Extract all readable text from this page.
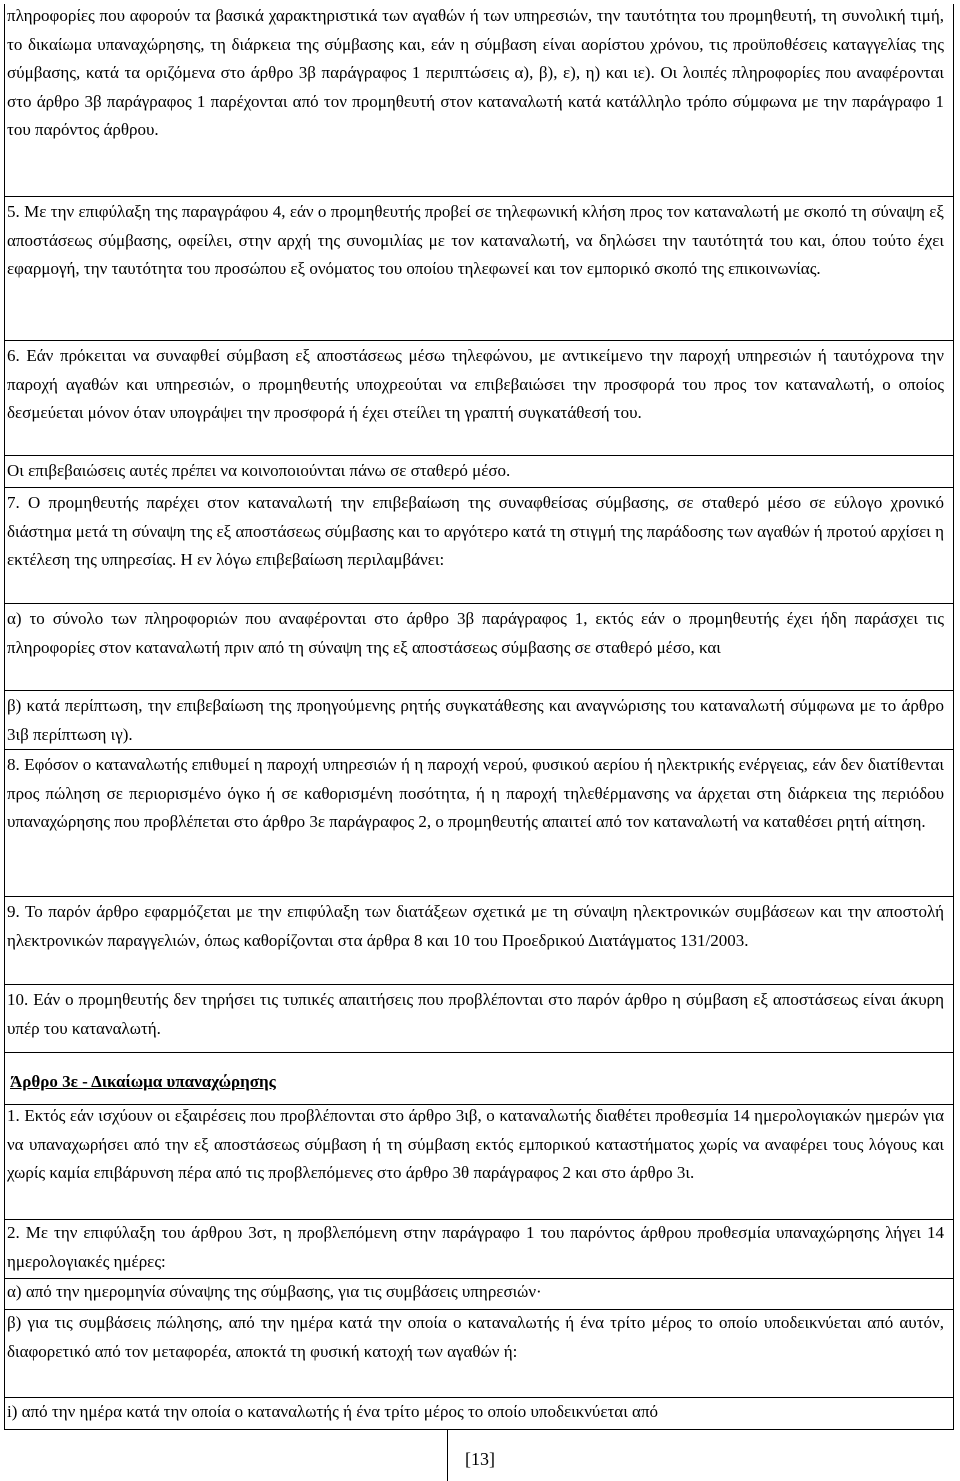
πληροφορίες που αφορούν τα βασικά χαρακτηριστικά των αγαθών ή των υπηρεσιών, την ταυτότητα του προμηθευτή, τη συνολική τιμή, το δικαίωμα υπαναχώρησης, τη διάρκεια της σύμβασης και, εάν η σύμβαση είναι αορίστου χρόνου, τις προϋποθέσεις καταγγελίας της σύμβασης, κατά τα οριζόμενα στο άρθρο 3β παράγραφος 1 περιπτώσεις α), β), ε), η) και ιε). Οι λοιπές πληροφορίες που αναφέρονται στο άρθρο 3β παράγραφος 1 παρέχονται από τον προμηθευτή στον καταναλωτή κατά κατάλληλο τρόπο σύμφωνα με την παράγραφο 1 του παρόντος άρθρου.

5. Με την επιφύλαξη της παραγράφου 4, εάν ο προμηθευτής προβεί σε τηλεφωνική κλήση προς τον καταναλωτή με σκοπό τη σύναψη εξ αποστάσεως σύμβασης, οφείλει, στην αρχή της συνομιλίας με τον καταναλωτή, να δηλώσει την ταυτότητά του και, όπου τούτο έχει εφαρμογή, την ταυτότητα του προσώπου εξ ονόματος του οποίου τηλεφωνεί και τον εμπορικό σκοπό της επικοινωνίας.

6. Εάν πρόκειται να συναφθεί σύμβαση εξ αποστάσεως μέσω τηλεφώνου, με αντικείμενο την παροχή υπηρεσιών ή ταυτόχρονα την παροχή αγαθών και υπηρεσιών, ο προμηθευτής υποχρεούται να επιβεβαιώσει την προσφορά του προς τον καταναλωτή, ο οποίος δεσμεύεται μόνον όταν υπογράψει την προσφορά ή έχει στείλει τη γραπτή συγκατάθεσή του.

Οι επιβεβαιώσεις αυτές πρέπει να κοινοποιούνται πάνω σε σταθερό μέσο.

7. Ο προμηθευτής παρέχει στον καταναλωτή την επιβεβαίωση της συναφθείσας σύμβασης, σε σταθερό μέσο σε εύλογο χρονικό διάστημα μετά τη σύναψη της εξ αποστάσεως σύμβασης και το αργότερο κατά τη στιγμή της παράδοσης των αγαθών ή προτού αρχίσει η εκτέλεση της υπηρεσίας. Η εν λόγω επιβεβαίωση περιλαμβάνει:

α) το σύνολο των πληροφοριών που αναφέρονται στο άρθρο 3β παράγραφος 1, εκτός εάν ο προμηθευτής έχει ήδη παράσχει τις πληροφορίες στον καταναλωτή πριν από τη σύναψη της εξ αποστάσεως σύμβασης σε σταθερό μέσο, και

β) κατά περίπτωση, την επιβεβαίωση της προηγούμενης ρητής συγκατάθεσης και αναγνώρισης του καταναλωτή σύμφωνα με το άρθρο 3ιβ περίπτωση ιγ).

8. Εφόσον ο καταναλωτής επιθυμεί η παροχή υπηρεσιών ή η παροχή νερού, φυσικού αερίου ή ηλεκτρικής ενέργειας, εάν δεν διατίθενται προς πώληση σε περιορισμένο όγκο ή σε καθορισμένη ποσότητα, ή η παροχή τηλεθέρμανσης να άρχεται στη διάρκεια της περιόδου υπαναχώρησης που προβλέπεται στο άρθρο 3ε παράγραφος 2, ο προμηθευτής απαιτεί από τον καταναλωτή να καταθέσει ρητή αίτηση.

9. Το παρόν άρθρο εφαρμόζεται με την επιφύλαξη των διατάξεων σχετικά με τη σύναψη ηλεκτρονικών συμβάσεων και την αποστολή ηλεκτρονικών παραγγελιών, όπως καθορίζονται στα άρθρα 8 και 10 του Προεδρικού Διατάγματος 131/2003.

10. Εάν ο προμηθευτής δεν τηρήσει τις τυπικές απαιτήσεις που προβλέπονται στο παρόν άρθρο η σύμβαση εξ αποστάσεως είναι άκυρη υπέρ του καταναλωτή.

Άρθρο 3ε - Δικαίωμα υπαναχώρησης

1. Εκτός εάν ισχύουν οι εξαιρέσεις που προβλέπονται στο άρθρο 3ιβ, ο καταναλωτής διαθέτει προθεσμία 14 ημερολογιακών ημερών για να υπαναχωρήσει από την εξ αποστάσεως σύμβαση ή τη σύμβαση εκτός εμπορικού καταστήματος χωρίς να αναφέρει τους λόγους και χωρίς καμία επιβάρυνση πέρα από τις προβλεπόμενες στο άρθρο 3θ παράγραφος 2 και στο άρθρο 3ι.

2. Με την επιφύλαξη του άρθρου 3στ, η προβλεπόμενη στην παράγραφο 1 του παρόντος άρθρου προθεσμία υπαναχώρησης λήγει 14 ημερολογιακές ημέρες:

α) από την ημερομηνία σύναψης της σύμβασης, για τις συμβάσεις υπηρεσιών·

β) για τις συμβάσεις πώλησης, από την ημέρα κατά την οποία ο καταναλωτής ή ένα τρίτο μέρος το οποίο υποδεικνύεται από αυτόν, διαφορετικό από τον μεταφορέα, αποκτά τη φυσική κατοχή των αγαθών ή:

i) από την ημέρα κατά την οποία ο καταναλωτής ή ένα τρίτο μέρος το οποίο υποδεικνύεται από

[13]
